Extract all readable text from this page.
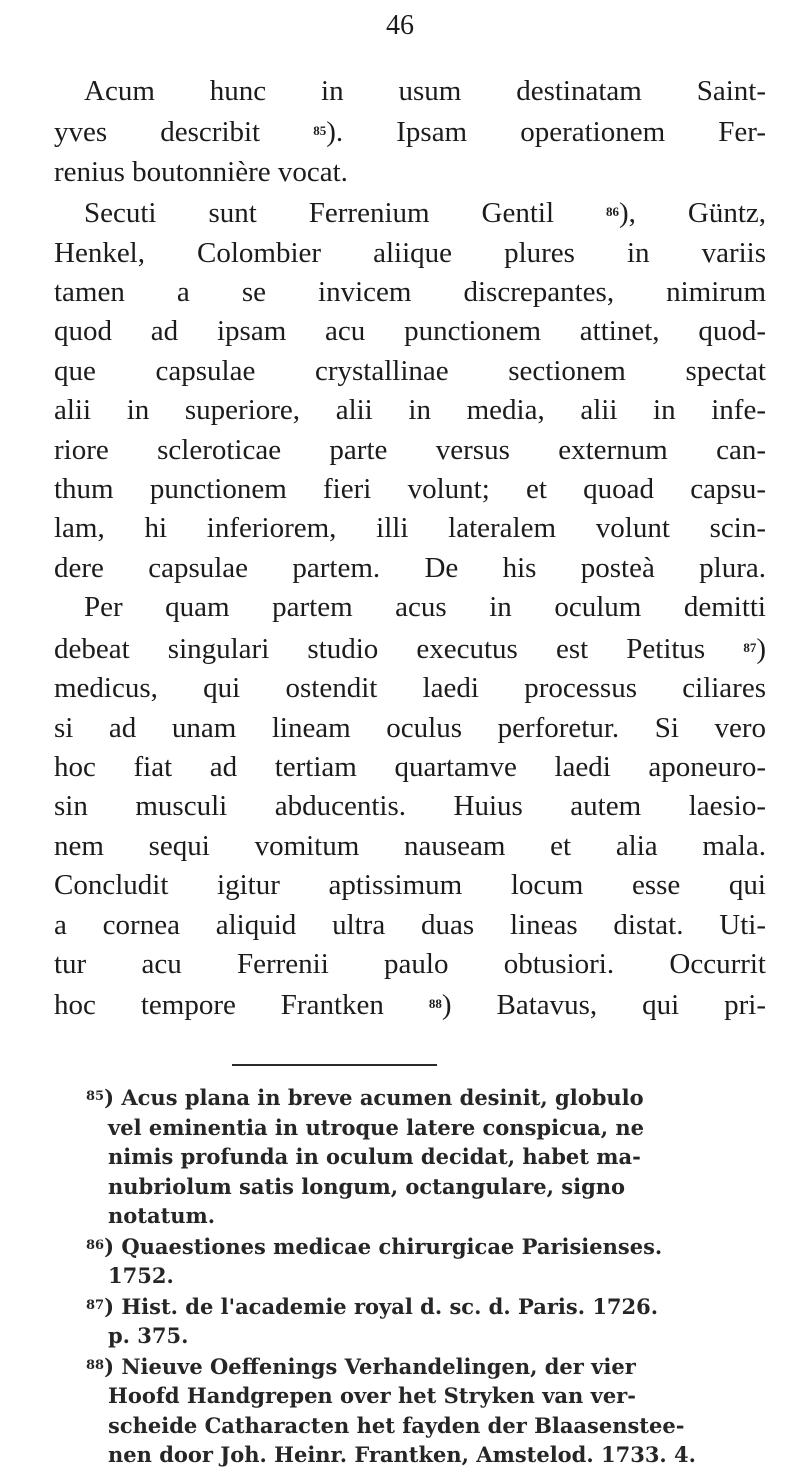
46
Acum hunc in usum destinatam Saint-
yves describit $^{85}$). Ipsam operationem Fer-
renius boutonnière vocat.
Secuti sunt Ferrenium Gentil $^{86}$), Güntz,
Henkel, Colombier aliique plures in variis
tamen a se invicem discrepantes, nimirum
quod ad ipsam acu punctionem attinet, quod-
que capsulae crystallinae sectionem spectat
alii in superiore, alii in media, alii in infe-
riore scleroticae parte versus externum can-
thum punctionem fieri volunt; et quoad capsu-
lam, hi inferiorem, illi lateralem volunt scin-
dere capsulae partem. De his posteà plura.
Per quam partem acus in oculum demitti
debeat singulari studio executus est Petitus $^{87}$)
medicus, qui ostendit laedi processus ciliares
si ad unam lineam oculus perforetur. Si vero
hoc fiat ad tertiam quartamve laedi aponeuro-
sin musculi abducentis. Huius autem laesio-
nem sequi vomitum nauseam et alia mala.
Concludit igitur aptissimum locum esse qui
a cornea aliquid ultra duas lineas distat. Uti-
tur acu Ferrenii paulo obtusiori. Occurrit
hoc tempore Frantken $^{88}$) Batavus, qui pri-
$^{85}$) Acus plana in breve acumen desinit, globulo
vel eminentia in utroque latere conspicua, ne
nimis profunda in oculum decidat, habet ma-
nubriolum satis longum, octangulare, signo
notatum.
$^{86}$) Quaestiones medicae chirurgicae Parisienses.
1752.
$^{87}$) Hist. de l'academie royal d. sc. d. Paris. 1726.
p. 375.
$^{88}$) Nieuve Oeffenings Verhandelingen, der vier
Hoofd Handgrepen over het Stryken van ver-
scheide Catharacten het fayden der Blaasenstee-
nen door Joh. Heinr. Frantken, Amstelod. 1733. 4.
